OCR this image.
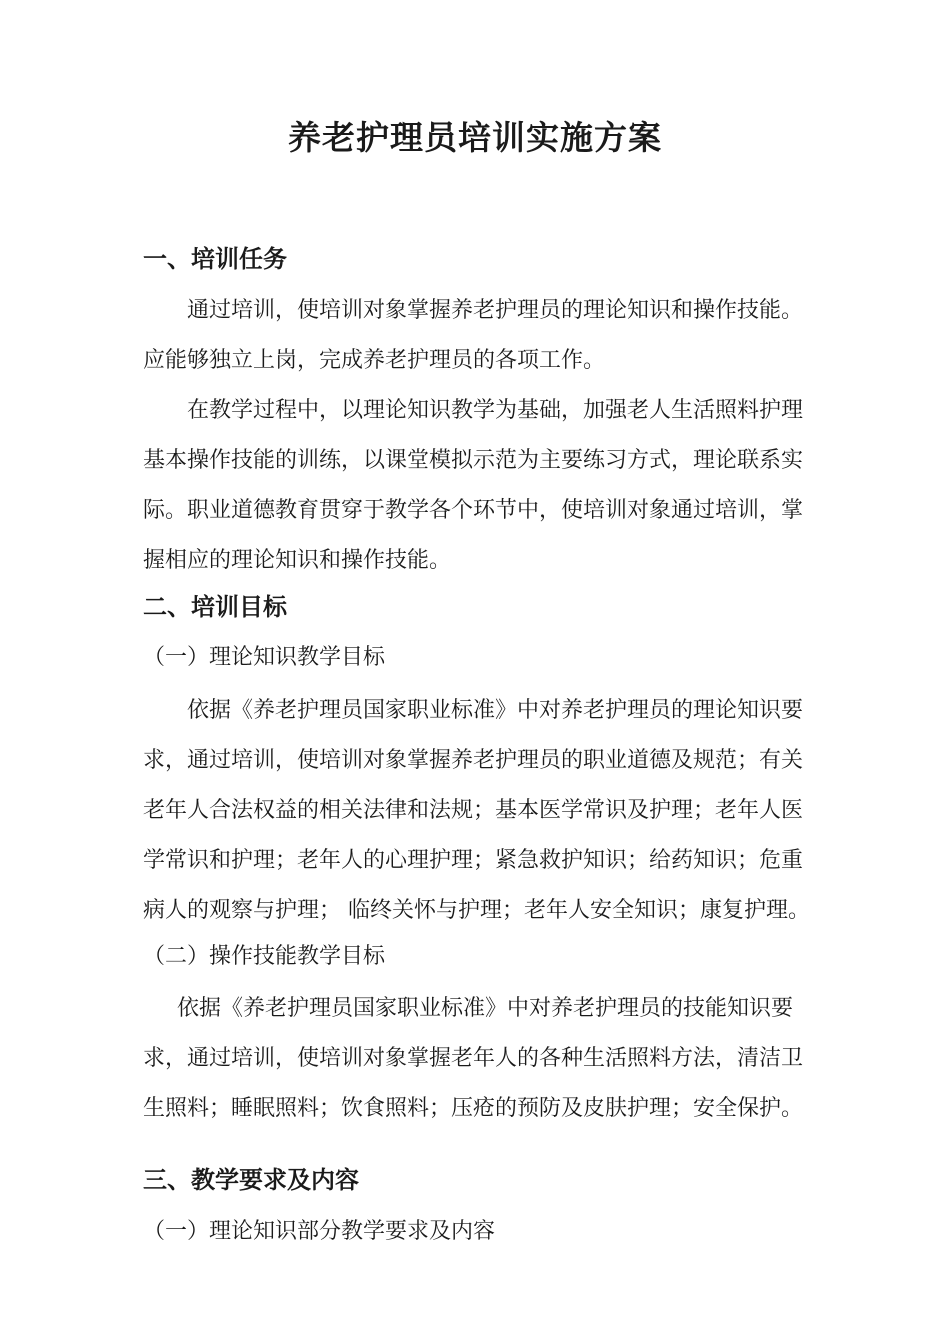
养老护理员培训实施方案
一、培训任务
通过培训，使培训对象掌握养老护理员的理论知识和操作技能。
应能够独立上岗，完成养老护理员的各项工作。
在教学过程中，以理论知识教学为基础，加强老人生活照料护理
基本操作技能的训练，以课堂模拟示范为主要练习方式，理论联系实
际。职业道德教育贯穿于教学各个环节中，使培训对象通过培训，掌
握相应的理论知识和操作技能。
二、培训目标
（一）理论知识教学目标
依据《养老护理员国家职业标准》中对养老护理员的理论知识要
求，通过培训，使培训对象掌握养老护理员的职业道德及规范；有关
老年人合法权益的相关法律和法规；基本医学常识及护理；老年人医
学常识和护理；老年人的心理护理；紧急救护知识；给药知识；危重
病人的观察与护理； 临终关怀与护理；老年人安全知识；康复护理。
（二）操作技能教学目标
依据《养老护理员国家职业标准》中对养老护理员的技能知识要
求，通过培训，使培训对象掌握老年人的各种生活照料方法，清洁卫
生照料；睡眠照料；饮食照料；压疮的预防及皮肤护理；安全保护。
三、教学要求及内容
（一）理论知识部分教学要求及内容
